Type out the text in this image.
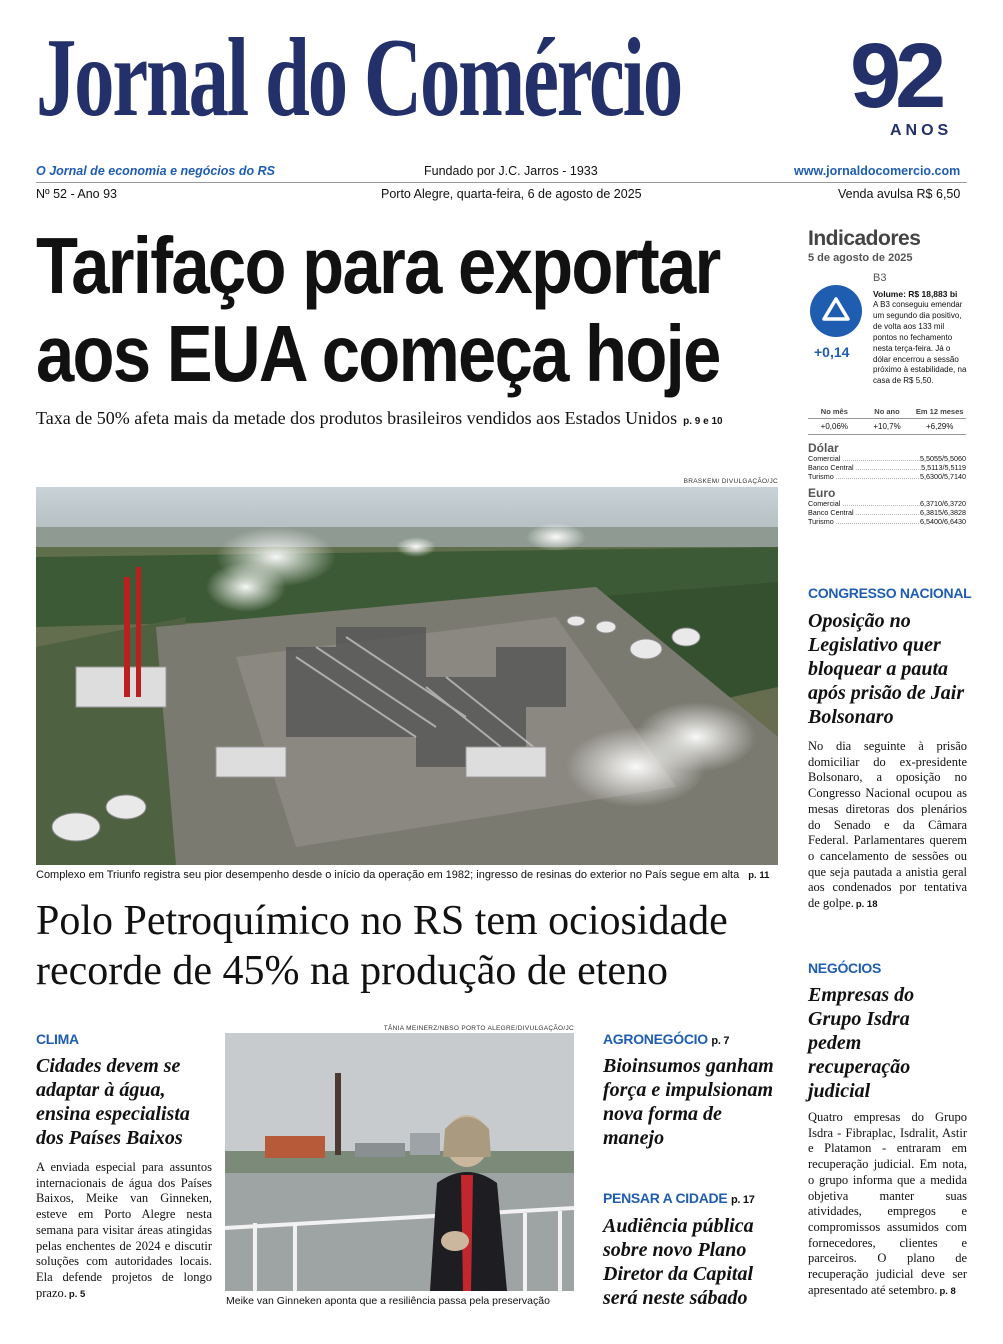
Jornal do Comércio 92
ANOS
O Jornal de economia e negócios do RS	Fundado por J.C. Jarros - 1933	www.jornaldocomercio.com
Nº 52 - Ano 93	Porto Alegre, quarta-feira, 6 de agosto de 2025	Venda avulsa R$ 6,50
Tarifaço para exportar
aos EUA começa hoje
Taxa de 50% afeta mais da metade dos produtos brasileiros vendidos aos Estados Unidos p. 9 e 10
BRASKEM/ DIVULGAÇÃO/JC
Complexo em Triunfo registra seu pior desempenho desde o início da operação em 1982; ingresso de resinas do exterior no País segue em alta p. 11
Polo Petroquímico no RS tem ociosidade
recorde de 45% na produção de eteno
CLIMA
Cidades devem se adaptar à água, ensina especialista dos Países Baixos
A enviada especial para assuntos internacionais de água dos Países Baixos, Meike van Ginneken, esteve em Porto Alegre nesta semana para visitar áreas atingidas pelas enchentes de 2024 e discutir soluções com autoridades locais. Ela defende projetos de longo prazo. p. 5
TÂNIA MEINERZ/NBSO PORTO ALEGRE/DIVULGAÇÃO/JC
Meike van Ginneken aponta que a resiliência passa pela preservação
AGRONEGÓCIO p. 7
Bioinsumos ganham força e impulsionam nova forma de manejo
PENSAR A CIDADE p. 17
Audiência pública sobre novo Plano Diretor da Capital será neste sábado
Indicadores
5 de agosto de 2025
B3
+0,14
Volume: R$ 18,883 bi
A B3 conseguiu emendar um segundo dia positivo, de volta aos 133 mil pontos no fechamento nesta terça-feira. Já o dólar encerrou a sessão próximo à estabilidade, na casa de R$ 5,50.
No mês	No ano	Em 12 meses
+0,06%	+10,7%	+6,29%
Dólar
Comercial .....	5,5055/5,5060
Banco Central .....	5,5113/5,5119
Turismo .....	5,6300/5,7140
Euro
Comercial .....	6,3710/6,3720
Banco Central .....	6,3815/6,3828
Turismo .....	6,5400/6,6430
CONGRESSO NACIONAL
Oposição no Legislativo quer bloquear a pauta após prisão de Jair Bolsonaro
No dia seguinte à prisão domiciliar do ex-presidente Bolsonaro, a oposição no Congresso Nacional ocupou as mesas diretoras dos plenários do Senado e da Câmara Federal. Parlamentares querem o cancelamento de sessões ou que seja pautada a anistia geral aos condenados por tentativa de golpe. p. 18
NEGÓCIOS
Empresas do Grupo Isdra pedem recuperação judicial
Quatro empresas do Grupo Isdra - Fibraplac, Isdralit, Astir e Platamon - entraram em recuperação judicial. Em nota, o grupo informa que a medida objetiva manter suas atividades, empregos e compromissos assumidos com fornecedores, clientes e parceiros. O plano de recuperação judicial deve ser apresentado até setembro. p. 8
